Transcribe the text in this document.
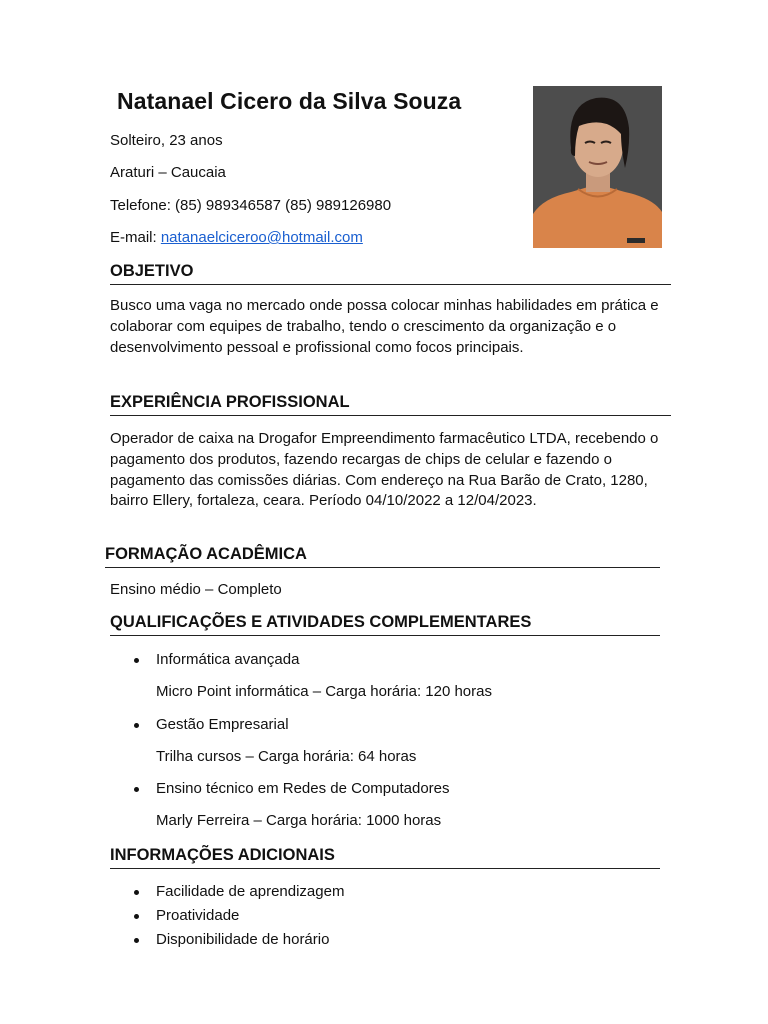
Natanael Cicero da Silva Souza

Solteiro, 23 anos

Araturi – Caucaia

Telefone: (85) 989346587 (85) 989126980

E-mail: natanaelciceroo@hotmail.com

OBJETIVO

Busco uma vaga no mercado onde possa colocar minhas habilidades em prática e colaborar com equipes de trabalho, tendo o crescimento da organização e o desenvolvimento pessoal e profissional como focos principais.

EXPERIÊNCIA PROFISSIONAL

Operador de caixa na Drogafor Empreendimento farmacêutico LTDA, recebendo o pagamento dos produtos, fazendo recargas de chips de celular e fazendo o pagamento das comissões diárias. Com endereço na Rua Barão de Crato, 1280, bairro Ellery, fortaleza, ceara. Período 04/10/2022 a 12/04/2023.

FORMAÇÃO ACADÊMICA

Ensino médio – Completo

QUALIFICAÇÕES E ATIVIDADES COMPLEMENTARES

Informática avançada

Micro Point informática – Carga horária: 120 horas

Gestão Empresarial

Trilha cursos – Carga horária: 64 horas

Ensino técnico em Redes de Computadores

Marly Ferreira – Carga horária: 1000 horas

INFORMAÇÕES ADICIONAIS

Facilidade de aprendizagem

Proatividade

Disponibilidade de horário
